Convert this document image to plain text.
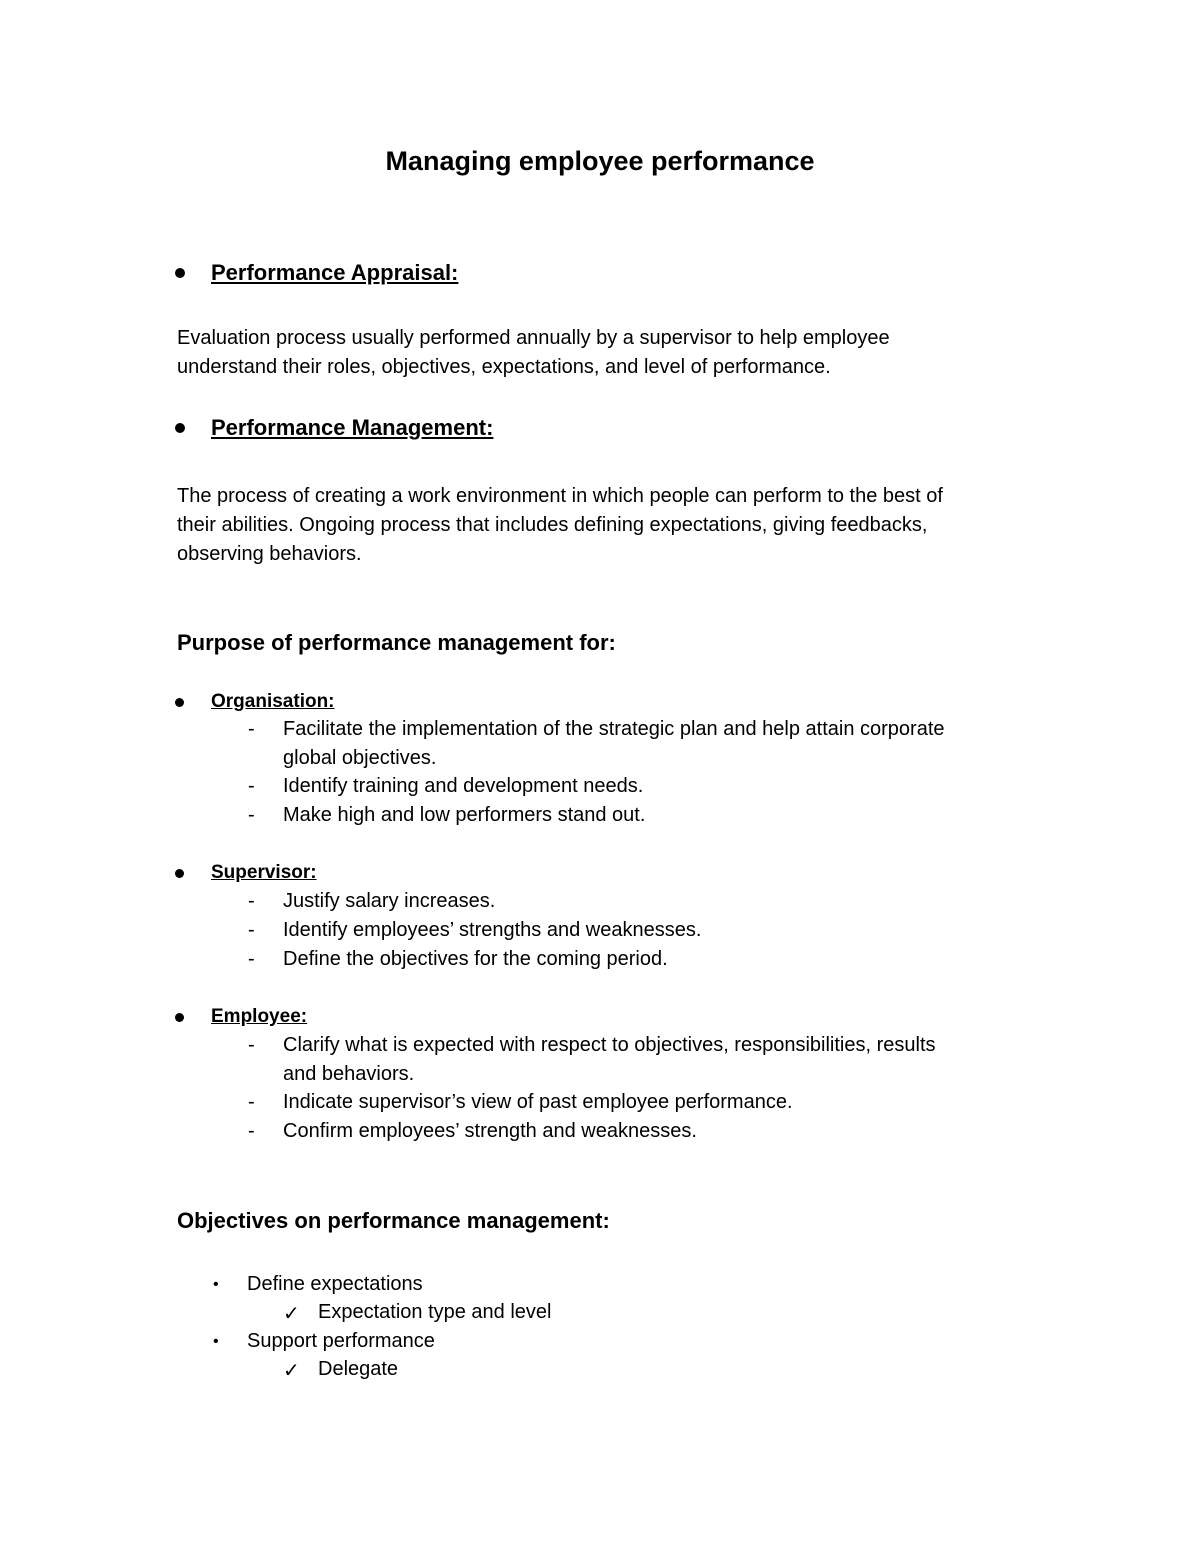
Managing employee performance
Performance Appraisal:
Evaluation process usually performed annually by a supervisor to help employee
understand their roles, objectives, expectations, and level of performance.
Performance Management:
The process of creating a work environment in which people can perform to the best of
their abilities. Ongoing process that includes defining expectations, giving feedbacks,
observing behaviors.
Purpose of performance management for:
Organisation:
- Facilitate the implementation of the strategic plan and help attain corporate
global objectives.
- Identify training and development needs.
- Make high and low performers stand out.
Supervisor:
- Justify salary increases.
- Identify employees’ strengths and weaknesses.
- Define the objectives for the coming period.
Employee:
- Clarify what is expected with respect to objectives, responsibilities, results
and behaviors.
- Indicate supervisor’s view of past employee performance.
- Confirm employees’ strength and weaknesses.
Objectives on performance management:
• Define expectations
✓ Expectation type and level
• Support performance
✓ Delegate
